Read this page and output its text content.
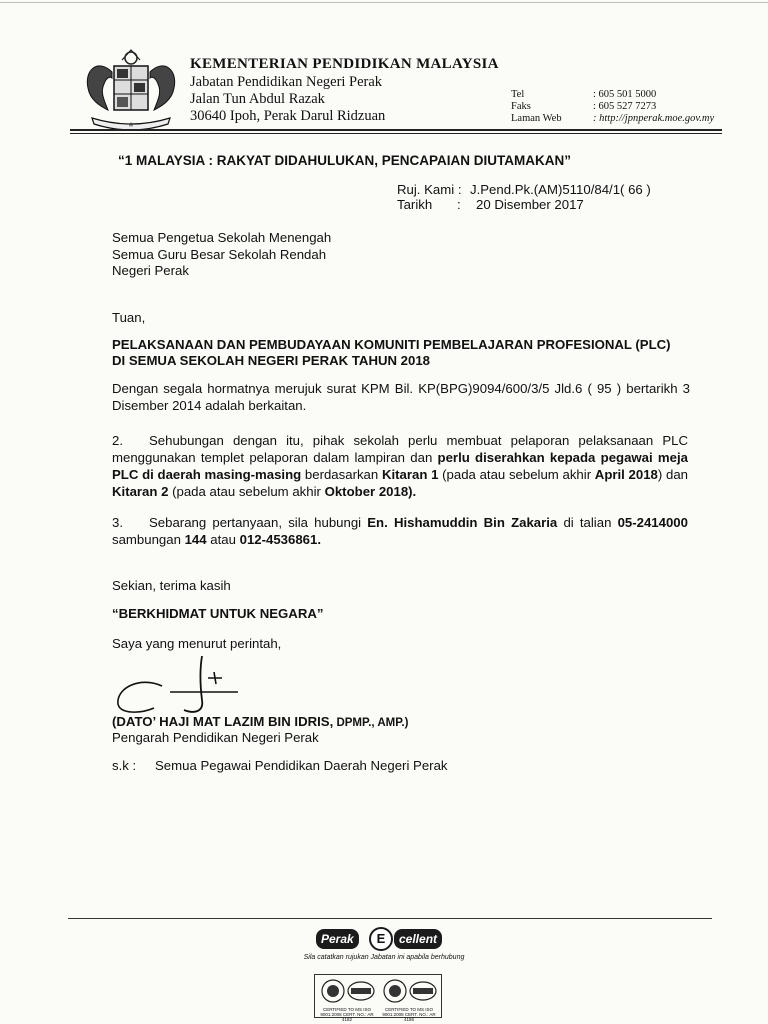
⁂
KEMENTERIAN PENDIDIKAN MALAYSIA
Jabatan Pendidikan Negeri Perak
Jalan Tun Abdul Razak
30640 Ipoh, Perak Darul Ridzuan
Tel	: 605 501 5000
Faks	: 605 527 7273
Laman Web	: http://jpnperak.moe.gov.my
“1 MALAYSIA : RAKYAT DIDAHULUKAN, PENCAPAIAN DIUTAMAKAN”
Ruj. Kami : J.Pend.Pk.(AM)5110/84/1( 66 )
Tarikh : 20 Disember 2017
Semua Pengetua Sekolah Menengah
Semua Guru Besar Sekolah Rendah
Negeri Perak
Tuan,
PELAKSANAAN DAN PEMBUDAYAAN KOMUNITI PEMBELAJARAN PROFESIONAL (PLC)
DI SEMUA SEKOLAH NEGERI PERAK TAHUN 2018
Dengan segala hormatnya merujuk surat KPM Bil. KP(BPG)9094/600/3/5 Jld.6 ( 95 ) bertarikh 3 Disember 2014 adalah berkaitan.
2. Sehubungan dengan itu, pihak sekolah perlu membuat pelaporan pelaksanaan PLC menggunakan templet pelaporan dalam lampiran dan perlu diserahkan kepada pegawai meja PLC di daerah masing-masing berdasarkan Kitaran 1 (pada atau sebelum akhir April 2018) dan Kitaran 2 (pada atau sebelum akhir Oktober 2018).
3. Sebarang pertanyaan, sila hubungi En. Hishamuddin Bin Zakaria di talian 05-2414000 sambungan 144 atau 012-4536861.
Sekian, terima kasih
“BERKHIDMAT UNTUK NEGARA”
Saya yang menurut perintah,
(DATO’ HAJI MAT LAZIM BIN IDRIS, DPMP., AMP.)
Pengarah Pendidikan Negeri Perak
s.k : Semua Pegawai Pendidikan Daerah Negeri Perak
Perak	E	cellent
Sila catatkan rujukan Jabatan ini apabila berhubung
CERTIFIED TO MS ISO 9001:2008 CERT. NO.: AR 4182
CERTIFIED TO MS ISO 9001:2008 CERT. NO.: AR 4186
